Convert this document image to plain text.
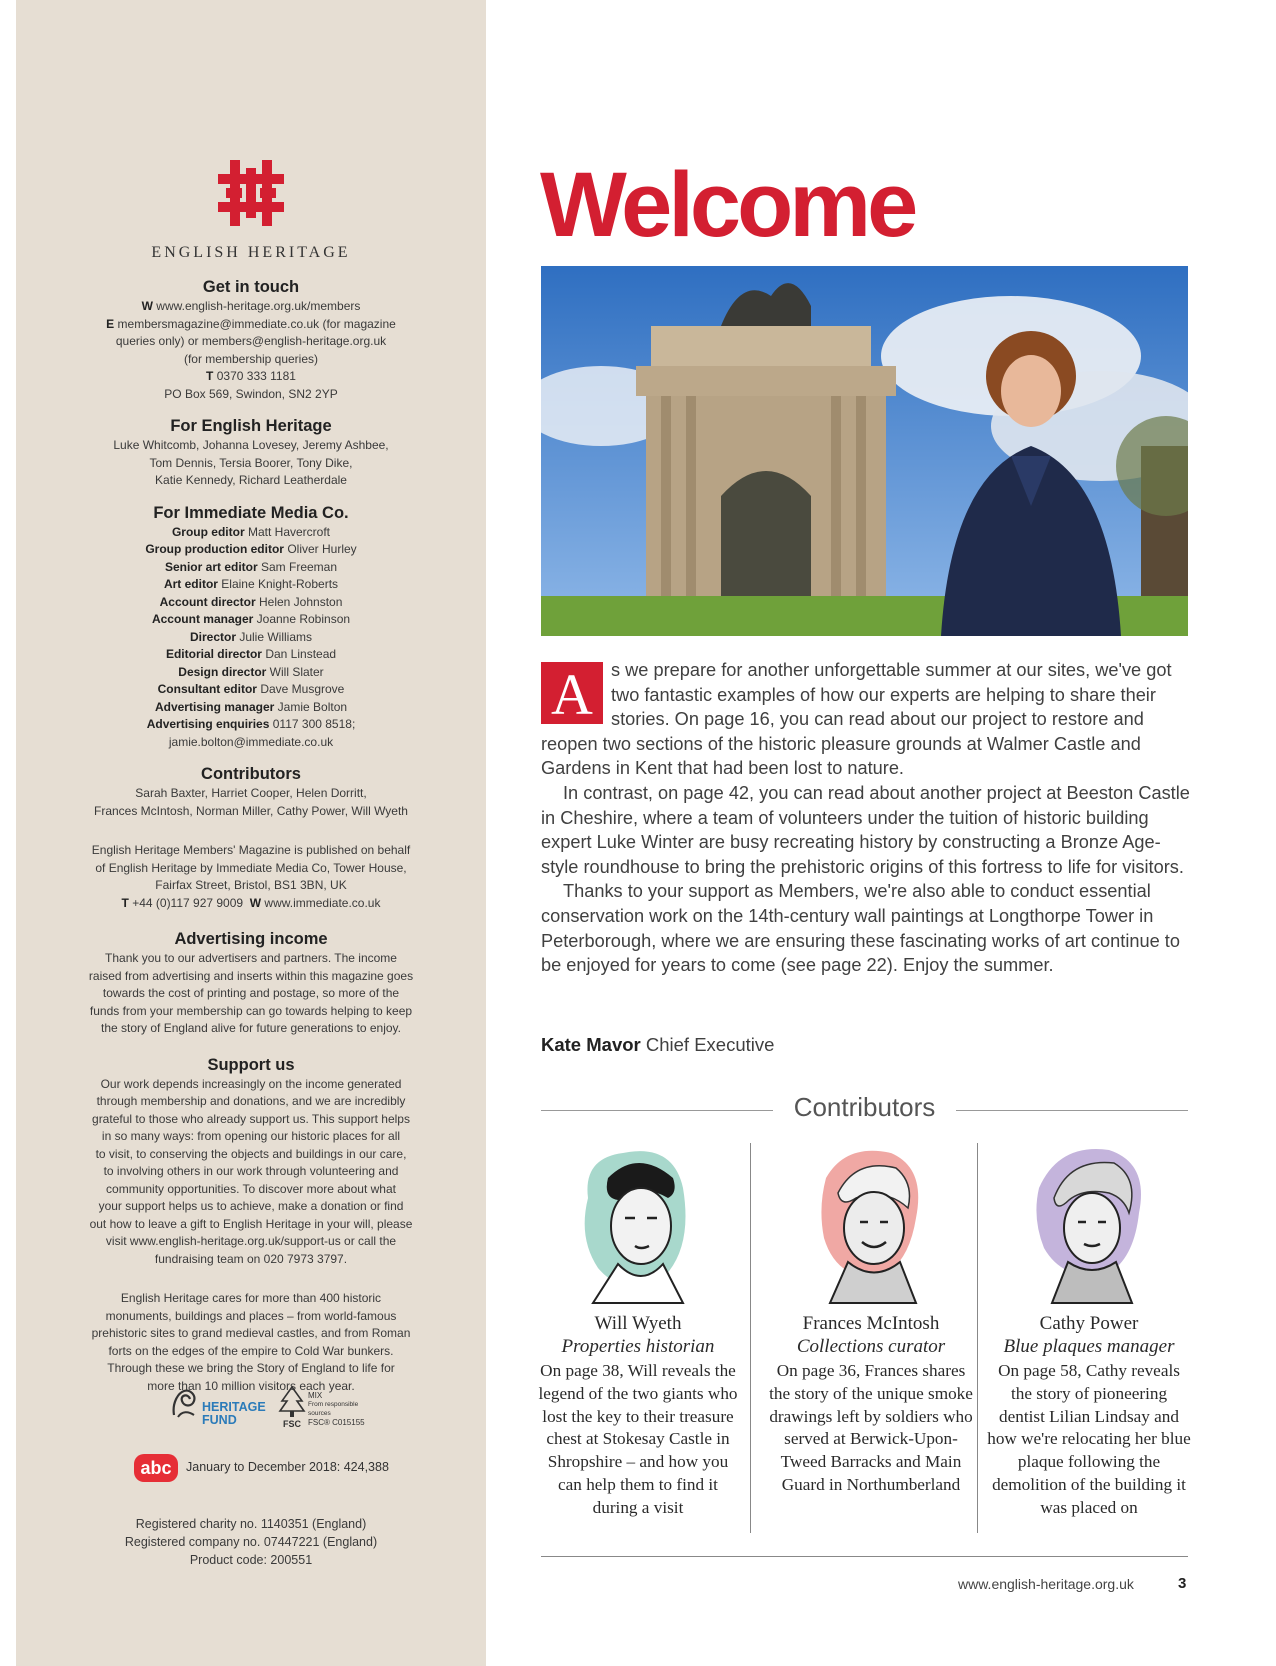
ENGLISH HERITAGE

Get in touch

W www.english-heritage.org.uk/members

E membersmagazine@immediate.co.uk (for magazine

queries only) or members@english-heritage.org.uk

(for membership queries)

T 0370 333 1181

PO Box 569, Swindon, SN2 2YP

For English Heritage

Luke Whitcomb, Johanna Lovesey, Jeremy Ashbee,

Tom Dennis, Tersia Boorer, Tony Dike,

Katie Kennedy, Richard Leatherdale

For Immediate Media Co.

Group editor Matt Havercroft

Group production editor Oliver Hurley

Senior art editor Sam Freeman

Art editor Elaine Knight-Roberts

Account director Helen Johnston

Account manager Joanne Robinson

Director Julie Williams

Editorial director Dan Linstead

Design director Will Slater

Consultant editor Dave Musgrove

Advertising manager Jamie Bolton

Advertising enquiries 0117 300 8518;

jamie.bolton@immediate.co.uk

Contributors

Sarah Baxter, Harriet Cooper, Helen Dorritt,

Frances McIntosh, Norman Miller, Cathy Power, Will Wyeth

English Heritage Members' Magazine is published on behalf

of English Heritage by Immediate Media Co, Tower House,

Fairfax Street, Bristol, BS1 3BN, UK

T +44 (0)117 927 9009 W www.immediate.co.uk

Advertising income

Thank you to our advertisers and partners. The income

raised from advertising and inserts within this magazine goes

towards the cost of printing and postage, so more of the

funds from your membership can go towards helping to keep

the story of England alive for future generations to enjoy.

Support us

Our work depends increasingly on the income generated

through membership and donations, and we are incredibly

grateful to those who already support us. This support helps

in so many ways: from opening our historic places for all

to visit, to conserving the objects and buildings in our care,

to involving others in our work through volunteering and

community opportunities. To discover more about what

your support helps us to achieve, make a donation or find

out how to leave a gift to English Heritage in your will, please

visit www.english-heritage.org.uk/support-us or call the

fundraising team on 020 7973 3797.

English Heritage cares for more than 400 historic

monuments, buildings and places – from world-famous

prehistoric sites to grand medieval castles, and from Roman

forts on the edges of the empire to Cold War bunkers.

Through these we bring the Story of England to life for

more than 10 million visitors each year.

HERITAGE
FUND	FSC
MIX
From responsible
sources
FSC® C015155
abc	January to December 2018: 424,388
Registered charity no. 1140351 (England)
Registered company no. 07447221 (England)
Product code: 200551
Welcome

A s we prepare for another unforgettable summer at our sites, we've got two fantastic examples of how our experts are helping to share their stories. On page 16, you can read about our project to restore and reopen two sections of the historic pleasure grounds at Walmer Castle and Gardens in Kent that had been lost to nature.

In contrast, on page 42, you can read about another project at Beeston Castle in Cheshire, where a team of volunteers under the tuition of historic building expert Luke Winter are busy recreating history by constructing a Bronze Age-style roundhouse to bring the prehistoric origins of this fortress to life for visitors.

Thanks to your support as Members, we're also able to conduct essential conservation work on the 14th-century wall paintings at Longthorpe Tower in Peterborough, where we are ensuring these fascinating works of art continue to be enjoyed for years to come (see page 22). Enjoy the summer.

Kate Mavor Chief Executive
Contributors
Will Wyeth
Properties historian
On page 38, Will reveals the legend of the two giants who lost the key to their treasure chest at Stokesay Castle in Shropshire – and how you can help them to find it during a visit
Frances McIntosh
Collections curator
On page 36, Frances shares the story of the unique smoke drawings left by soldiers who served at Berwick-Upon-Tweed Barracks and Main Guard in Northumberland
Cathy Power
Blue plaques manager
On page 58, Cathy reveals the story of pioneering dentist Lilian Lindsay and how we're relocating her blue plaque following the demolition of the building it was placed on
www.english-heritage.org.uk	3
